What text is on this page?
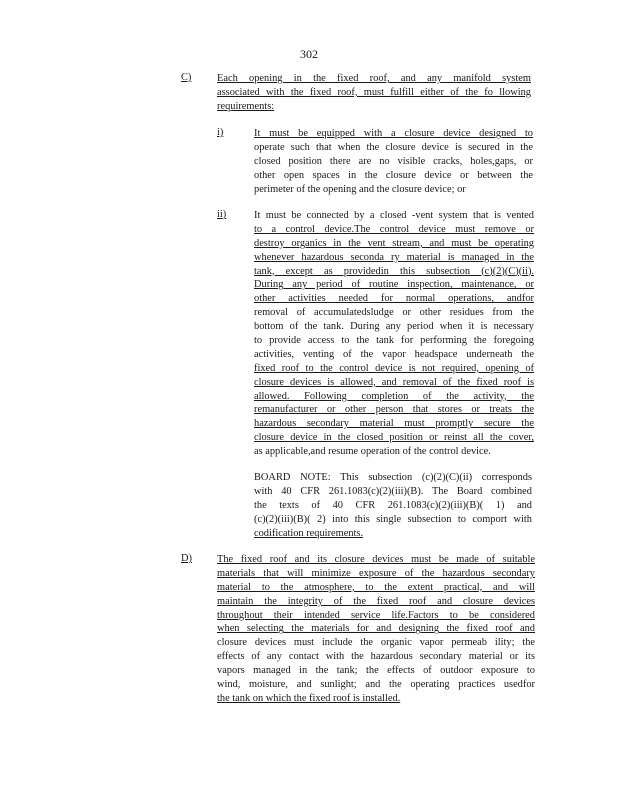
302
C) Each opening in the fixed roof, and any manifold system
associated with the fixed roof, must fulfill either of the fo llowing
requirements:
i)	It must be equipped with a closure device designed to
operate such that when the closure device is secured in the
closed position there are no visible cracks, holes,gaps, or
other open spaces in the closure device or between the
perimeter of the opening and the closure device; or
ii)	It must be connected by a closed -vent system that is vented
to a control device.The control device must remove or
destroy organics in the vent stream, and must be operating
whenever hazardous seconda ry material is managed in the
tank, except as providedin this subsection (c)(2)(C)(ii).
During any period of routine inspection, maintenance, or
other activities needed for normal operations, andfor
removal of accumulatedsludge or other residues from the
bottom of the tank. During any period when it is necessary
to provide access to the tank for performing the foregoing
activities, venting of the vapor headspace underneath the
fixed roof to the control device is not required, opening of
closure devices is allowed, and removal of the fixed roof is
allowed. Following completion of the activity, the
remanufacturer or other person that stores or treats the
hazardous secondary material must promptly secure the
closure device in the closed position or reinst all the cover,
as applicable,and resume operation of the control device.
BOARD NOTE: This subsection (c)(2)(C)(ii) corresponds
with 40 CFR 261.1083(c)(2)(iii)(B). The Board combined
the texts of 40 CFR 261.1083(c)(2)(iii)(B)( 1) and
(c)(2)(iii)(B)( 2) into this single subsection to comport with
codification requirements.
D) The fixed roof and its closure devices must be made of suitable
materials that will minimize exposure of the hazardous secondary
material to the atmosphere, to the extent practical, and will
maintain the integrity of the fixed roof and closure devices
throughout their intended service life.Factors to be considered
when selecting the materials for and designing the fixed roof and
closure devices must include the organic vapor permeab ility; the
effects of any contact with the hazardous secondary material or its
vapors managed in the tank; the effects of outdoor exposure to
wind, moisture, and sunlight; and the operating practices usedfor
the tank on which the fixed roof is installed.
